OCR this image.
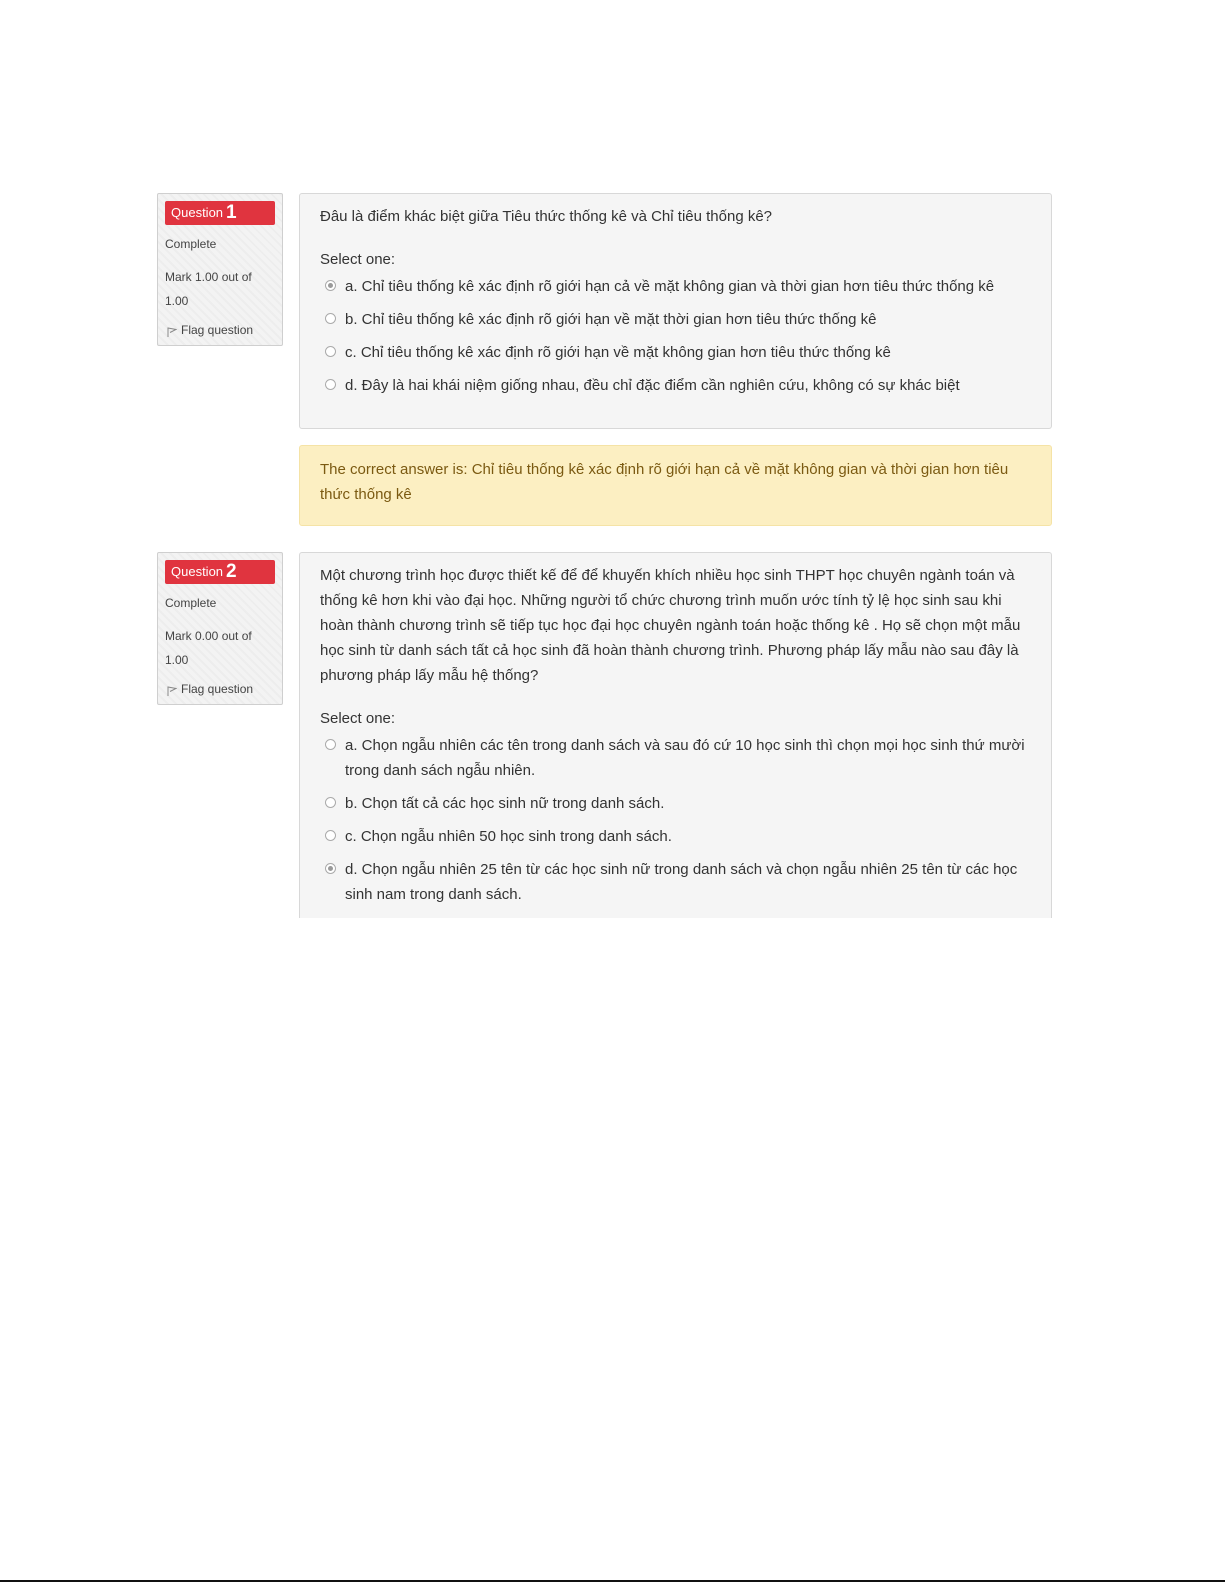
Question 1
Complete
Mark 1.00 out of 1.00
Flag question
Đâu là điểm khác biệt giữa Tiêu thức thống kê và Chỉ tiêu thống kê?
Select one:
a. Chỉ tiêu thống kê xác định rõ giới hạn cả về mặt không gian và thời gian hơn tiêu thức thống kê
b. Chỉ tiêu thống kê xác định rõ giới hạn về mặt thời gian hơn tiêu thức thống kê
c. Chỉ tiêu thống kê xác định rõ giới hạn về mặt không gian hơn tiêu thức thống kê
d. Đây là hai khái niệm giống nhau, đều chỉ đặc điểm cần nghiên cứu, không có sự khác biệt
The correct answer is: Chỉ tiêu thống kê xác định rõ giới hạn cả về mặt không gian và thời gian hơn tiêu thức thống kê
Question 2
Complete
Mark 0.00 out of 1.00
Flag question
Một chương trình học được thiết kế để để khuyến khích nhiều học sinh THPT học chuyên ngành toán và thống kê hơn khi vào đại học. Những người tổ chức chương trình muốn ước tính tỷ lệ học sinh sau khi hoàn thành chương trình sẽ tiếp tục học đại học chuyên ngành toán hoặc thống kê . Họ sẽ chọn một mẫu học sinh từ danh sách tất cả học sinh đã hoàn thành chương trình. Phương pháp lấy mẫu nào sau đây là phương pháp lấy mẫu hệ thống?
Select one:
a. Chọn ngẫu nhiên các tên trong danh sách và sau đó cứ 10 học sinh thì chọn mọi học sinh thứ mười trong danh sách ngẫu nhiên.
b. Chọn tất cả các học sinh nữ trong danh sách.
c. Chọn ngẫu nhiên 50 học sinh trong danh sách.
d. Chọn ngẫu nhiên 25 tên từ các học sinh nữ trong danh sách và chọn ngẫu nhiên 25 tên từ các học sinh nam trong danh sách.
